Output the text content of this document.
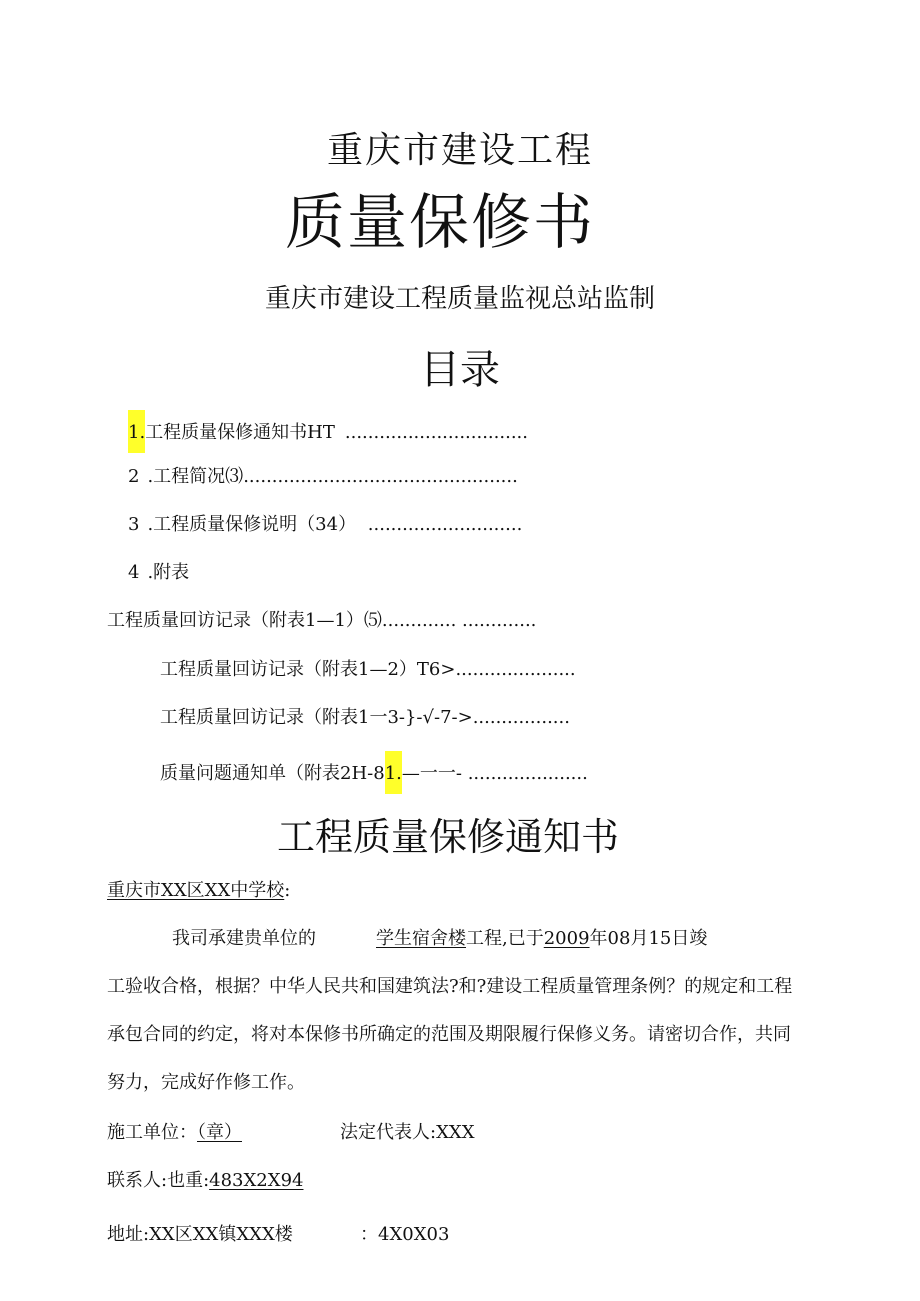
重庆市建设工程
质量保修书
重庆市建设工程质量监视总站监制
目录
1.工程质量保修通知书HT ................................
2 .工程简况⑶................................................
3 .工程质量保修说明（34） ...........................
4 .附表
工程质量回访记录（附表1—1）⑸............. .............
工程质量回访记录（附表1—2）T6>.....................
工程质量回访记录（附表1一3-}-√-7->.................
质量问题通知单（附表2H-81.—一一- .....................
工程质量保修通知书
重庆市XX区XX中学校:
我司承建贵单位的	学生宿舍楼工程,已于2009年08月15日竣
工验收合格，根据？中华人民共和国建筑法?和?建设工程质量管理条例？的规定和工程
承包合同的约定，将对本保修书所确定的范围及期限履行保修义务。请密切合作，共同
努力，完成好作修工作。
施工单位：（章）	法定代表人:XXX
联系人:也重:483X2X94
地址:XX区XX镇XXX楼	：4X0X03
